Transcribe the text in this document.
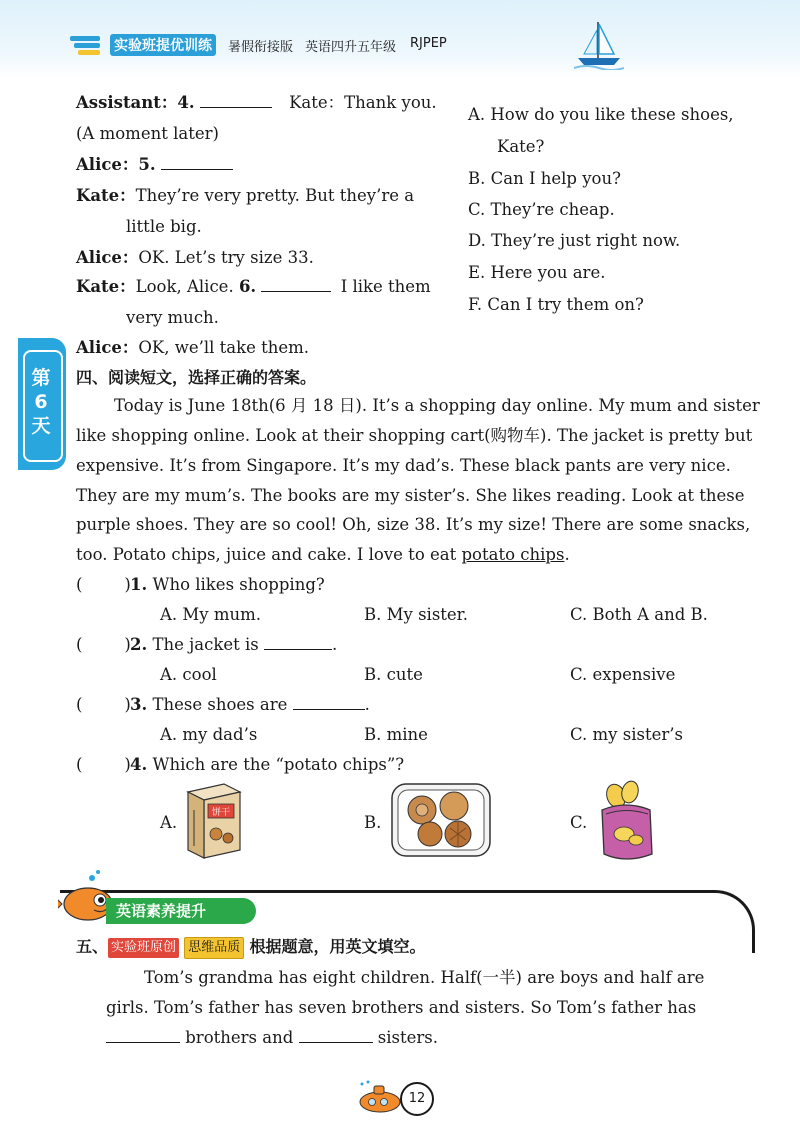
实验班提优训练	暑假衔接版 英语四升五年级 RJPEP
Assistant：4.	Kate：Thank you.
(A moment later)
Alice：5.
Kate：They’re very pretty. But they’re a
little big.
Alice：OK. Let’s try size 33.
Kate：Look, Alice. 6.	I like them
very much.
Alice：OK, we’ll take them.
A. How do you like these shoes,
Kate?
B. Can I help you?
C. They’re cheap.
D. They’re just right now.
E. Here you are.
F. Can I try them on?
第
6
天
四、阅读短文，选择正确的答案。
Today is June 18th(6 月 18 日). It’s a shopping day online. My mum and sister
like shopping online. Look at their shopping cart(购物车). The jacket is pretty but
expensive. It’s from Singapore. It’s my dad’s. These black pants are very nice.
They are my mum’s. The books are my sister’s. She likes reading. Look at these
purple shoes. They are so cool! Oh, size 38. It’s my size! There are some snacks,
too. Potato chips, juice and cake. I love to eat potato chips.
(        ) 1. Who likes shopping?
A. My mum.	B. My sister.	C. Both A and B.
(        ) 2. The jacket is	.
A. cool	B. cute	C. expensive
(        ) 3. These shoes are	.
A. my dad’s	B. mine	C. my sister’s
(        ) 4. Which are the “potato chips”?
A.	B.	C.
饼干
英语素养提升
五、 实验班原创 思维品质 根据题意，用英文填空。
Tom’s grandma has eight children. Half(一半) are boys and half are
girls. Tom’s father has seven brothers and sisters. So Tom’s father has
brothers and	sisters.
12
